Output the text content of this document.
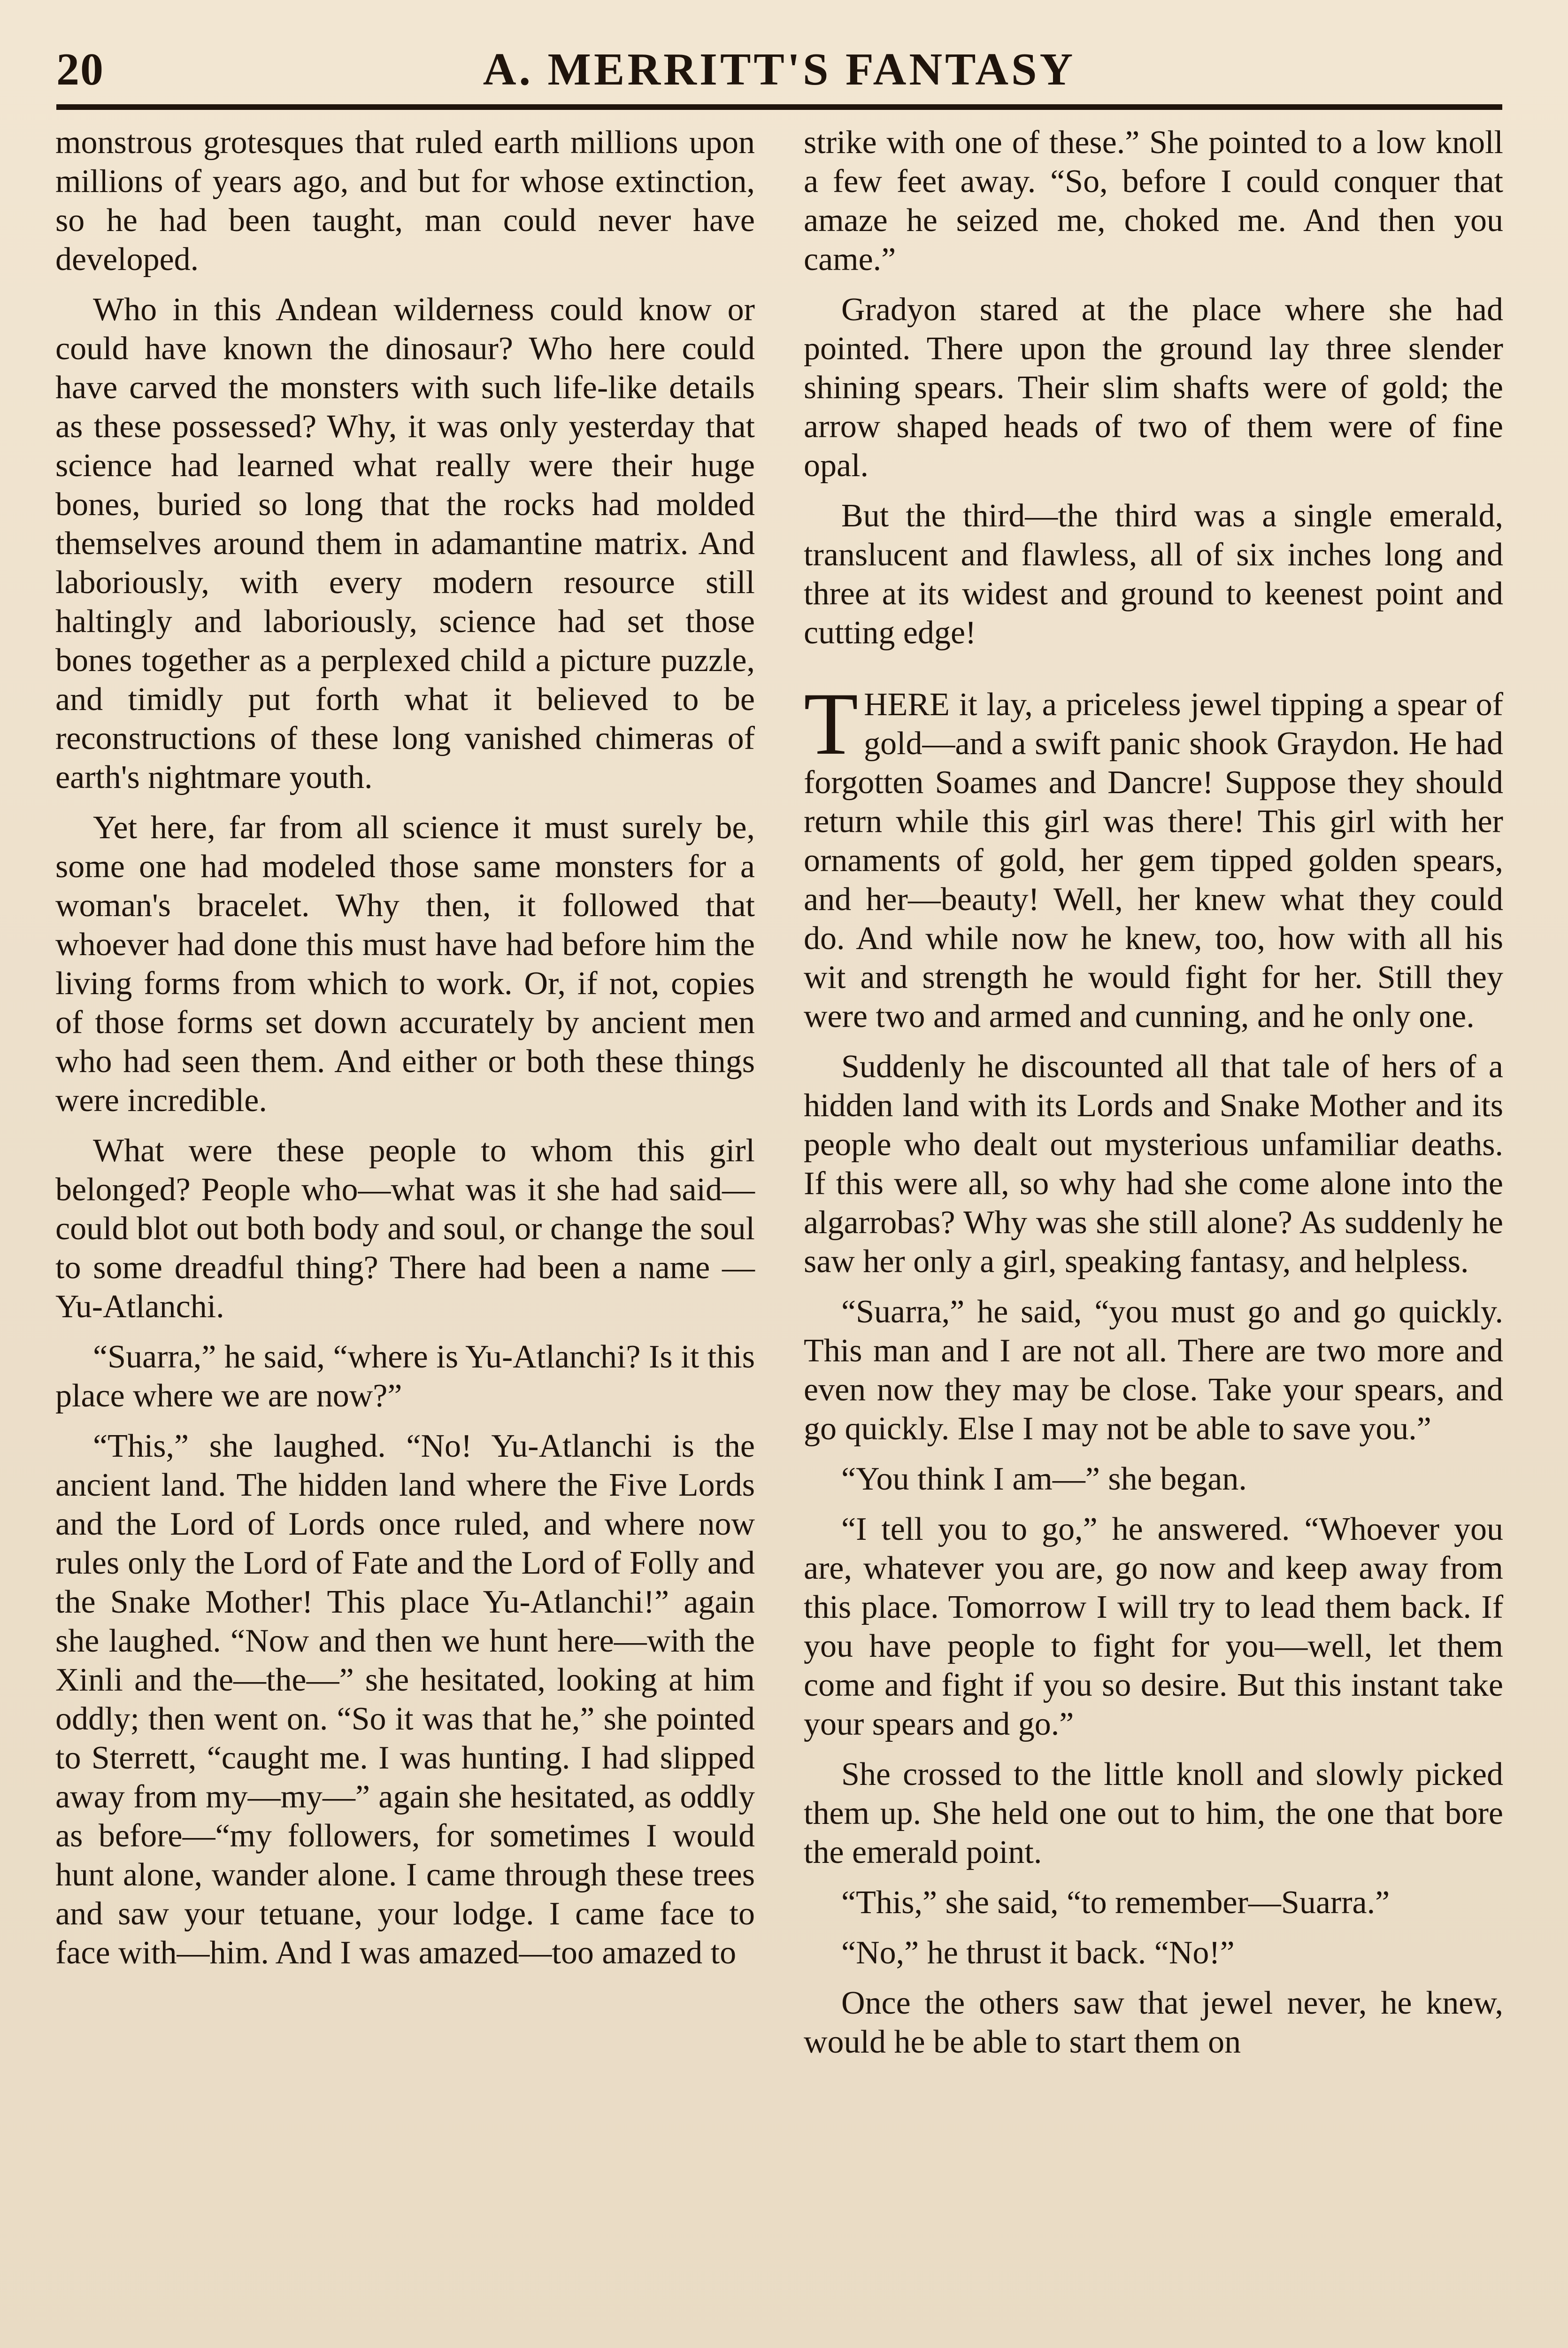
20	A. MERRITT'S FANTASY

monstrous grotesques that ruled earth millions upon millions of years ago, and but for whose extinction, so he had been taught, man could never have developed.

Who in this Andean wilderness could know or could have known the dinosaur? Who here could have carved the monsters with such life-like details as these possessed? Why, it was only yesterday that science had learned what really were their huge bones, buried so long that the rocks had molded themselves around them in adamantine matrix. And laboriously, with every modern resource still haltingly and laboriously, science had set those bones together as a perplexed child a picture puzzle, and timidly put forth what it believed to be reconstructions of these long vanished chimeras of earth's nightmare youth.

Yet here, far from all science it must surely be, some one had modeled those same monsters for a woman's bracelet. Why then, it followed that whoever had done this must have had before him the living forms from which to work. Or, if not, copies of those forms set down accurately by ancient men who had seen them. And either or both these things were incredible.

What were these people to whom this girl belonged? People who—what was it she had said—could blot out both body and soul, or change the soul to some dreadful thing? There had been a name —Yu-Atlanchi.

“Suarra,” he said, “where is Yu-Atlanchi? Is it this place where we are now?”

“This,” she laughed. “No! Yu-Atlanchi is the ancient land. The hidden land where the Five Lords and the Lord of Lords once ruled, and where now rules only the Lord of Fate and the Lord of Folly and the Snake Mother! This place Yu-Atlanchi!” again she laughed. “Now and then we hunt here—with the Xinli and the—the—” she hesitated, looking at him oddly; then went on. “So it was that he,” she pointed to Sterrett, “caught me. I was hunting. I had slipped away from my—my—” again she hesitated, as oddly as before—“my followers, for sometimes I would hunt alone, wander alone. I came through these trees and saw your tetuane, your lodge. I came face to face with—him. And I was amazed—too amazed to

strike with one of these.” She pointed to a low knoll a few feet away. “So, before I could conquer that amaze he seized me, choked me. And then you came.”

Gradyon stared at the place where she had pointed. There upon the ground lay three slender shining spears. Their slim shafts were of gold; the arrow shaped heads of two of them were of fine opal.

But the third—the third was a single emerald, translucent and flawless, all of six inches long and three at its widest and ground to keenest point and cutting edge!

THERE it lay, a priceless jewel tipping a spear of gold—and a swift panic shook Graydon. He had forgotten Soames and Dancre! Suppose they should return while this girl was there! This girl with her ornaments of gold, her gem tipped golden spears, and her—beauty! Well, her knew what they could do. And while now he knew, too, how with all his wit and strength he would fight for her. Still they were two and armed and cunning, and he only one.

Suddenly he discounted all that tale of hers of a hidden land with its Lords and Snake Mother and its people who dealt out mysterious unfamiliar deaths. If this were all, so why had she come alone into the algarrobas? Why was she still alone? As suddenly he saw her only a girl, speaking fantasy, and helpless.

“Suarra,” he said, “you must go and go quickly. This man and I are not all. There are two more and even now they may be close. Take your spears, and go quickly. Else I may not be able to save you.”

“You think I am—” she began.

“I tell you to go,” he answered. “Whoever you are, whatever you are, go now and keep away from this place. Tomorrow I will try to lead them back. If you have people to fight for you—well, let them come and fight if you so desire. But this instant take your spears and go.”

She crossed to the little knoll and slowly picked them up. She held one out to him, the one that bore the emerald point.

“This,” she said, “to remember—Suarra.”

“No,” he thrust it back. “No!”

Once the others saw that jewel never, he knew, would he be able to start them on
